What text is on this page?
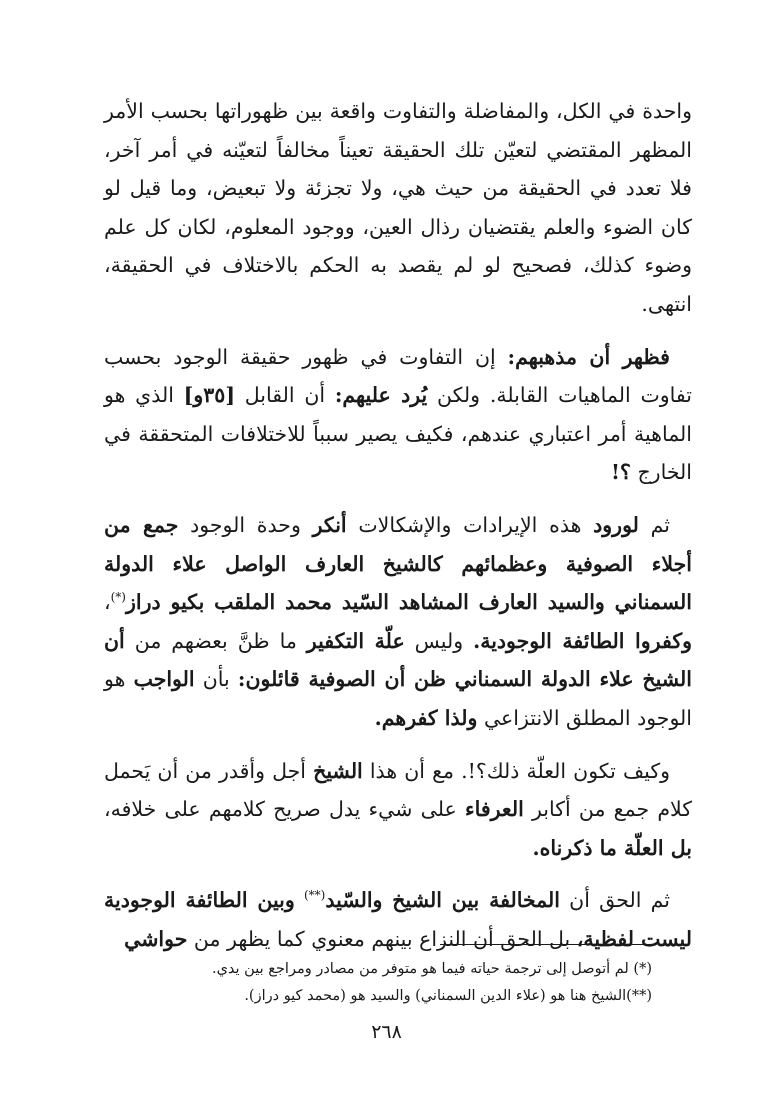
واحدة في الكل، والمفاضلة والتفاوت واقعة بين ظهوراتها بحسب الأمر المظهر المقتضي لتعيّن تلك الحقيقة تعيناً مخالفاً لتعيّنه في أمر آخر، فلا تعدد في الحقيقة من حيث هي، ولا تجزئة ولا تبعيض، وما قيل لو كان الضوء والعلم يقتضيان رذال العين، ووجود المعلوم، لكان كل علم وضوء كذلك، فصحيح لو لم يقصد به الحكم بالاختلاف في الحقيقة، انتهى.

فظهر أن مذهبهم: إن التفاوت في ظهور حقيقة الوجود بحسب تفاوت الماهيات القابلة. ولكن يُرد عليهم: أن القابل [٣٥و] الذي هو الماهية أمر اعتباري عندهم، فكيف يصير سبباً للاختلافات المتحققة في الخارج ؟!

ثم لورود هذه الإيرادات والإشكالات أنكر وحدة الوجود جمع من أجلاء الصوفية وعظمائهم كالشيخ العارف الواصل علاء الدولة السمناني والسيد العارف المشاهد السّيد محمد الملقب بكيو دراز(*)، وكفروا الطائفة الوجودية. وليس علّة التكفير ما ظنَّ بعضهم من أن الشيخ علاء الدولة السمناني ظن أن الصوفية قائلون: بأن الواجب هو الوجود المطلق الانتزاعي ولذا كفرهم.

وكيف تكون العلّة ذلك؟!. مع أن هذا الشيخ أجل وأقدر من أن يَحمل كلام جمع من أكابر العرفاء على شيء يدل صريح كلامهم على خلافه، بل العلّة ما ذكرناه.

ثم الحق أن المخالفة بين الشيخ والسّيد(**) وبين الطائفة الوجودية ليست لفظية، بل الحق أن النزاع بينهم معنوي كما يظهر من حواشي

(*) لم أتوصل إلى ترجمة حياته فيما هو متوفر من مصادر ومراجع بين يدي.

(**)الشيخ هنا هو (علاء الدين السمناني) والسيد هو (محمد كيو دراز).

٢٦٨
